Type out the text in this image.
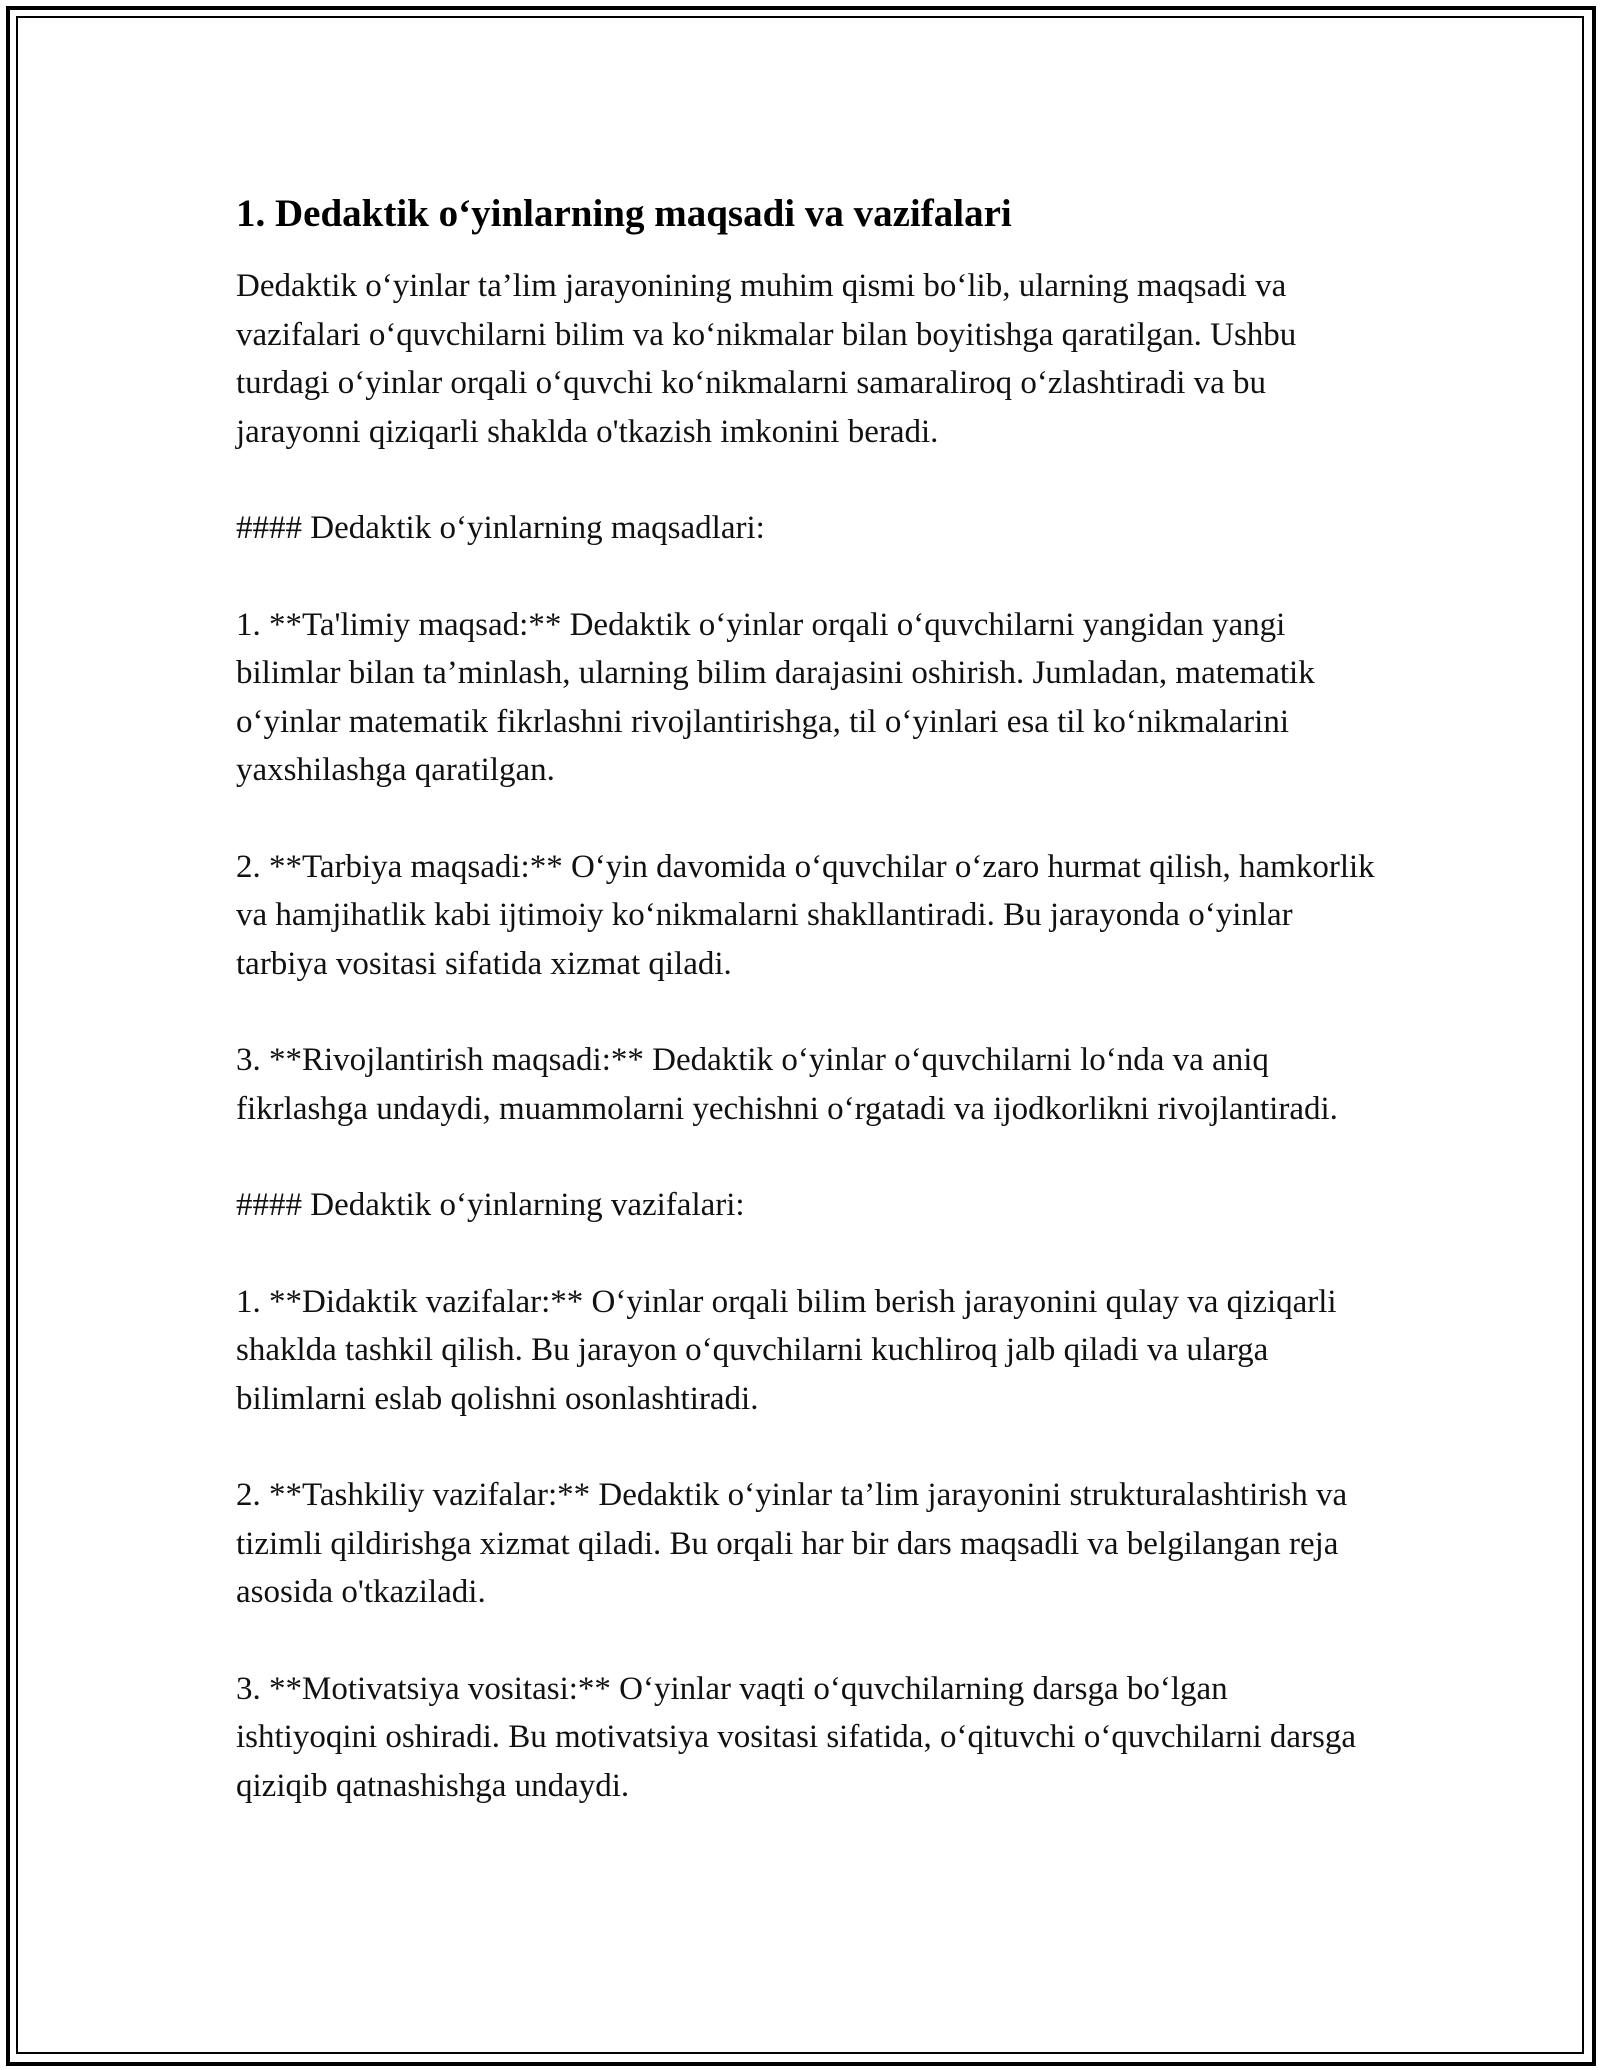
1. Dedaktik o‘yinlarning maqsadi va vazifalari

Dedaktik o‘yinlar ta’lim jarayonining muhim qismi bo‘lib, ularning maqsadi va vazifalari o‘quvchilarni bilim va ko‘nikmalar bilan boyitishga qaratilgan. Ushbu turdagi o‘yinlar orqali o‘quvchi ko‘nikmalarni samaraliroq o‘zlashtiradi va bu jarayonni qiziqarli shaklda o'tkazish imkonini beradi.

#### Dedaktik o‘yinlarning maqsadlari:

1. **Ta'limiy maqsad:** Dedaktik o‘yinlar orqali o‘quvchilarni yangidan yangi bilimlar bilan ta’minlash, ularning bilim darajasini oshirish. Jumladan, matematik o‘yinlar matematik fikrlashni rivojlantirishga, til o‘yinlari esa til ko‘nikmalarini yaxshilashga qaratilgan.

2. **Tarbiya maqsadi:** O‘yin davomida o‘quvchilar o‘zaro hurmat qilish, hamkorlik va hamjihatlik kabi ijtimoiy ko‘nikmalarni shakllantiradi. Bu jarayonda o‘yinlar tarbiya vositasi sifatida xizmat qiladi.

3. **Rivojlantirish maqsadi:** Dedaktik o‘yinlar o‘quvchilarni lo‘nda va aniq fikrlashga undaydi, muammolarni yechishni o‘rgatadi va ijodkorlikni rivojlantiradi.

#### Dedaktik o‘yinlarning vazifalari:

1. **Didaktik vazifalar:** O‘yinlar orqali bilim berish jarayonini qulay va qiziqarli shaklda tashkil qilish. Bu jarayon o‘quvchilarni kuchliroq jalb qiladi va ularga bilimlarni eslab qolishni osonlashtiradi.

2. **Tashkiliy vazifalar:** Dedaktik o‘yinlar ta’lim jarayonini strukturalashtirish va tizimli qildirishga xizmat qiladi. Bu orqali har bir dars maqsadli va belgilangan reja asosida o'tkaziladi.

3. **Motivatsiya vositasi:** O‘yinlar vaqti o‘quvchilarning darsga bo‘lgan ishtiyoqini oshiradi. Bu motivatsiya vositasi sifatida, o‘qituvchi o‘quvchilarni darsga qiziqib qatnashishga undaydi.
